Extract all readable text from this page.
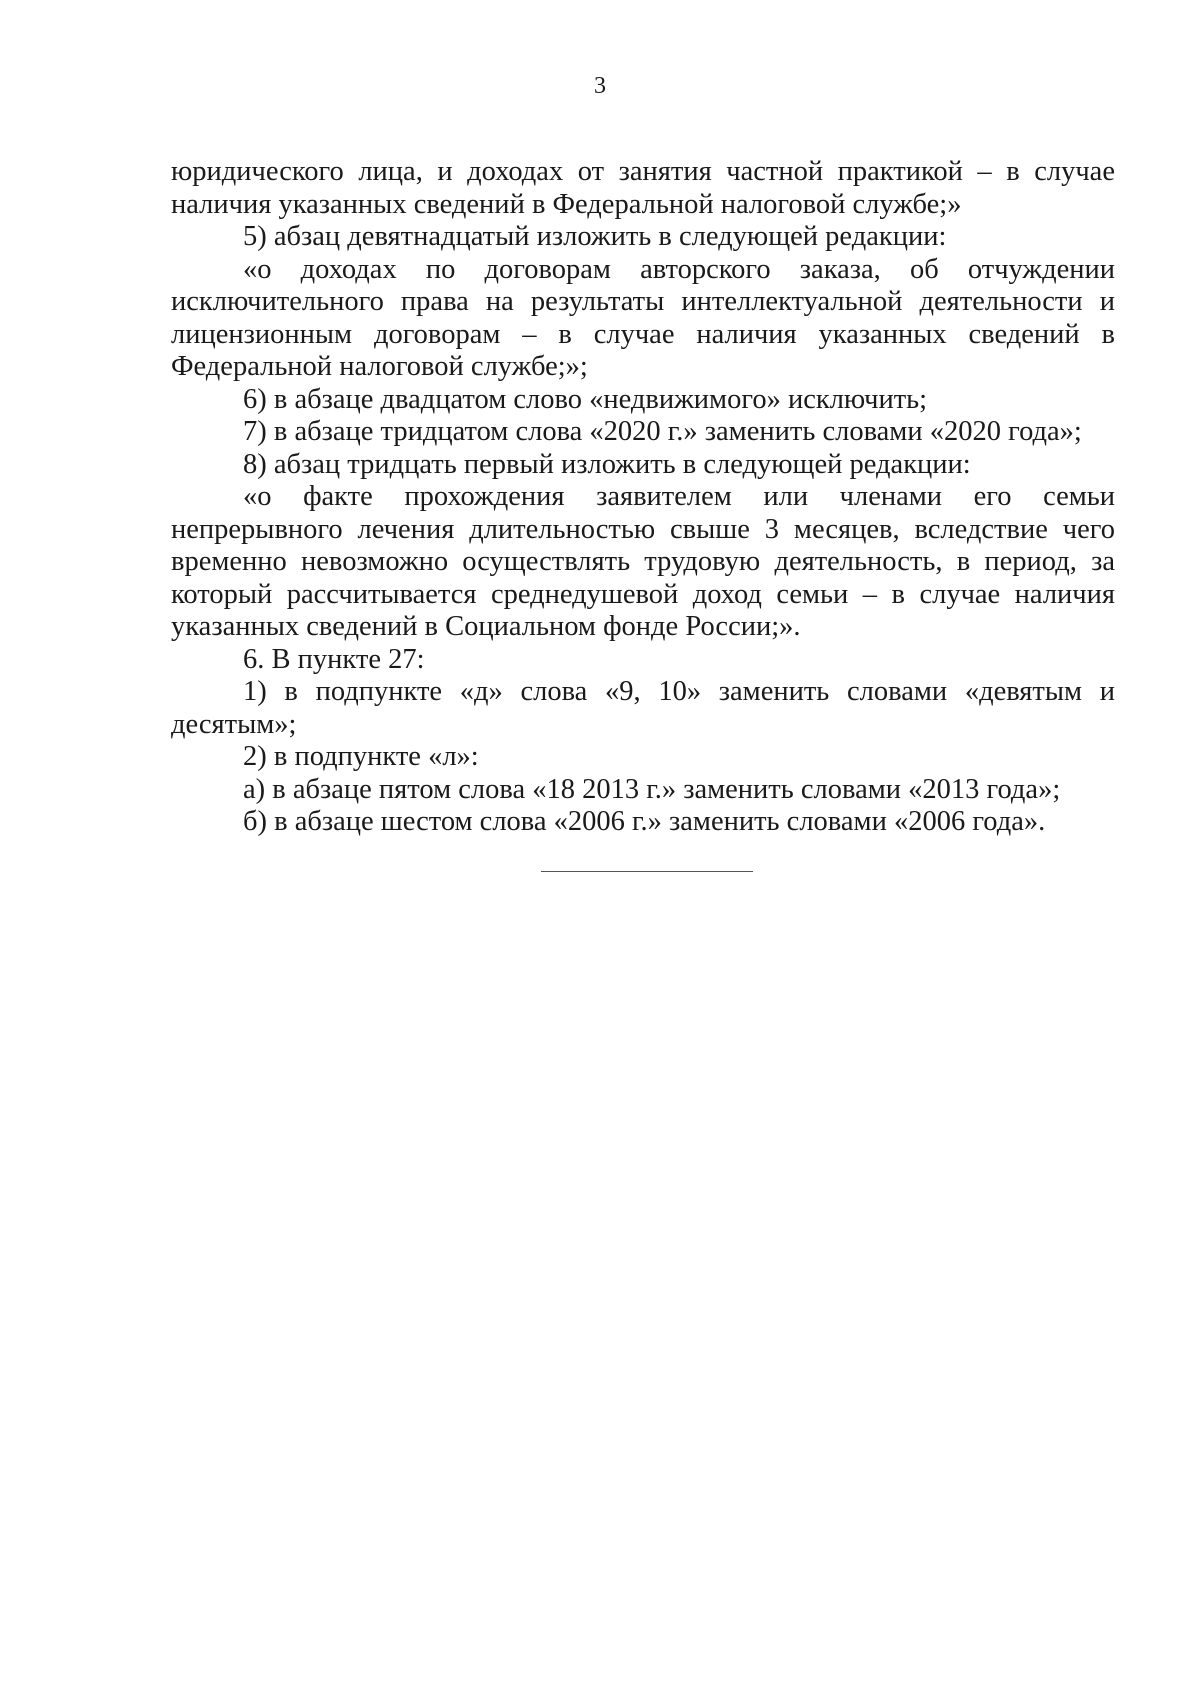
3

юридического лица, и доходах от занятия частной практикой – в случае наличия указанных сведений в Федеральной налоговой службе;»

5) абзац девятнадцатый изложить в следующей редакции:

«о доходах по договорам авторского заказа, об отчуждении исключительного права на результаты интеллектуальной деятельности и лицензионным договорам – в случае наличия указанных сведений в Федеральной налоговой службе;»;

6) в абзаце двадцатом слово «недвижимого» исключить;

7) в абзаце тридцатом слова «2020 г.» заменить словами «2020 года»;

8) абзац тридцать первый изложить в следующей редакции:

«о факте прохождения заявителем или членами его семьи непрерывного лечения длительностью свыше 3 месяцев, вследствие чего временно невозможно осуществлять трудовую деятельность, в период, за который рассчитывается среднедушевой доход семьи – в случае наличия указанных сведений в Социальном фонде России;».

6. В пункте 27:

1) в подпункте «д» слова «9, 10» заменить словами «девятым и десятым»;

2) в подпункте «л»:

а) в абзаце пятом слова «18 2013 г.» заменить словами «2013 года»;

б) в абзаце шестом слова «2006 г.» заменить словами «2006 года».
